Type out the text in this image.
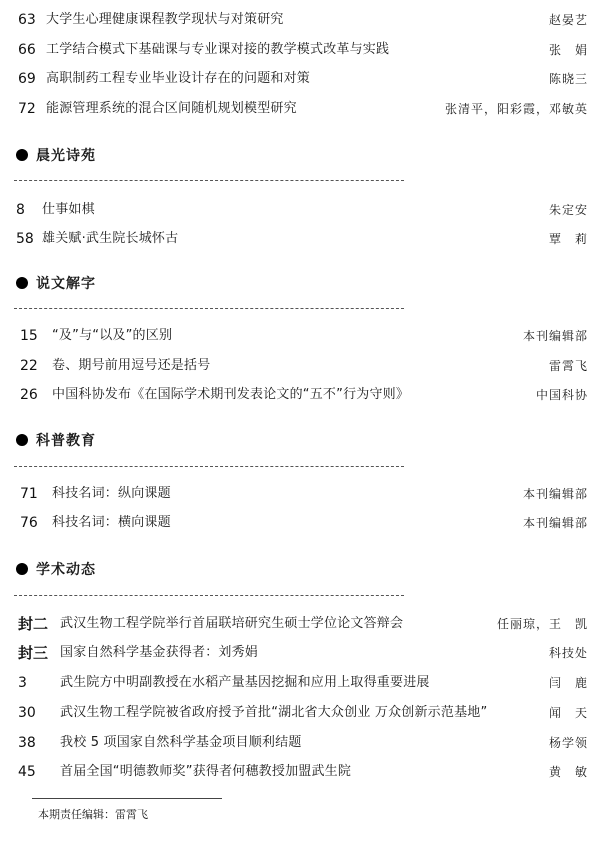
63 大学生心理健康课程教学现状与对策研究	赵晏艺
66 工学结合模式下基础课与专业课对接的教学模式改革与实践	张　娟
69 高职制药工程专业毕业设计存在的问题和对策	陈晓三
72 能源管理系统的混合区间随机规划模型研究	张清平，阳彩霞，邓敏英
晨光诗苑
8 仕事如棋	朱定安
58 雄关赋·武生院长城怀古	覃　莉
说文解字
15 “及”与“以及”的区别	本刊编辑部
22 卷、期号前用逗号还是括号	雷霄飞
26 中国科协发布《在国际学术期刊发表论文的“五不”行为守则》	中国科协
科普教育
71 科技名词：纵向课题	本刊编辑部
76 科技名词：横向课题	本刊编辑部
学术动态
封二 武汉生物工程学院举行首届联培研究生硕士学位论文答辩会	任丽琼，王　凯
封三 国家自然科学基金获得者：刘秀娟	科技处
3	武生院方中明副教授在水稻产量基因挖掘和应用上取得重要进展	闫　鹿
30 武汉生物工程学院被省政府授予首批“湖北省大众创业 万众创新示范基地”	闻　天
38 我校 5 项国家自然科学基金项目顺利结题	杨学领
45 首届全国“明德教师奖”获得者何穗教授加盟武生院	黄　敏
本期责任编辑：雷霄飞
